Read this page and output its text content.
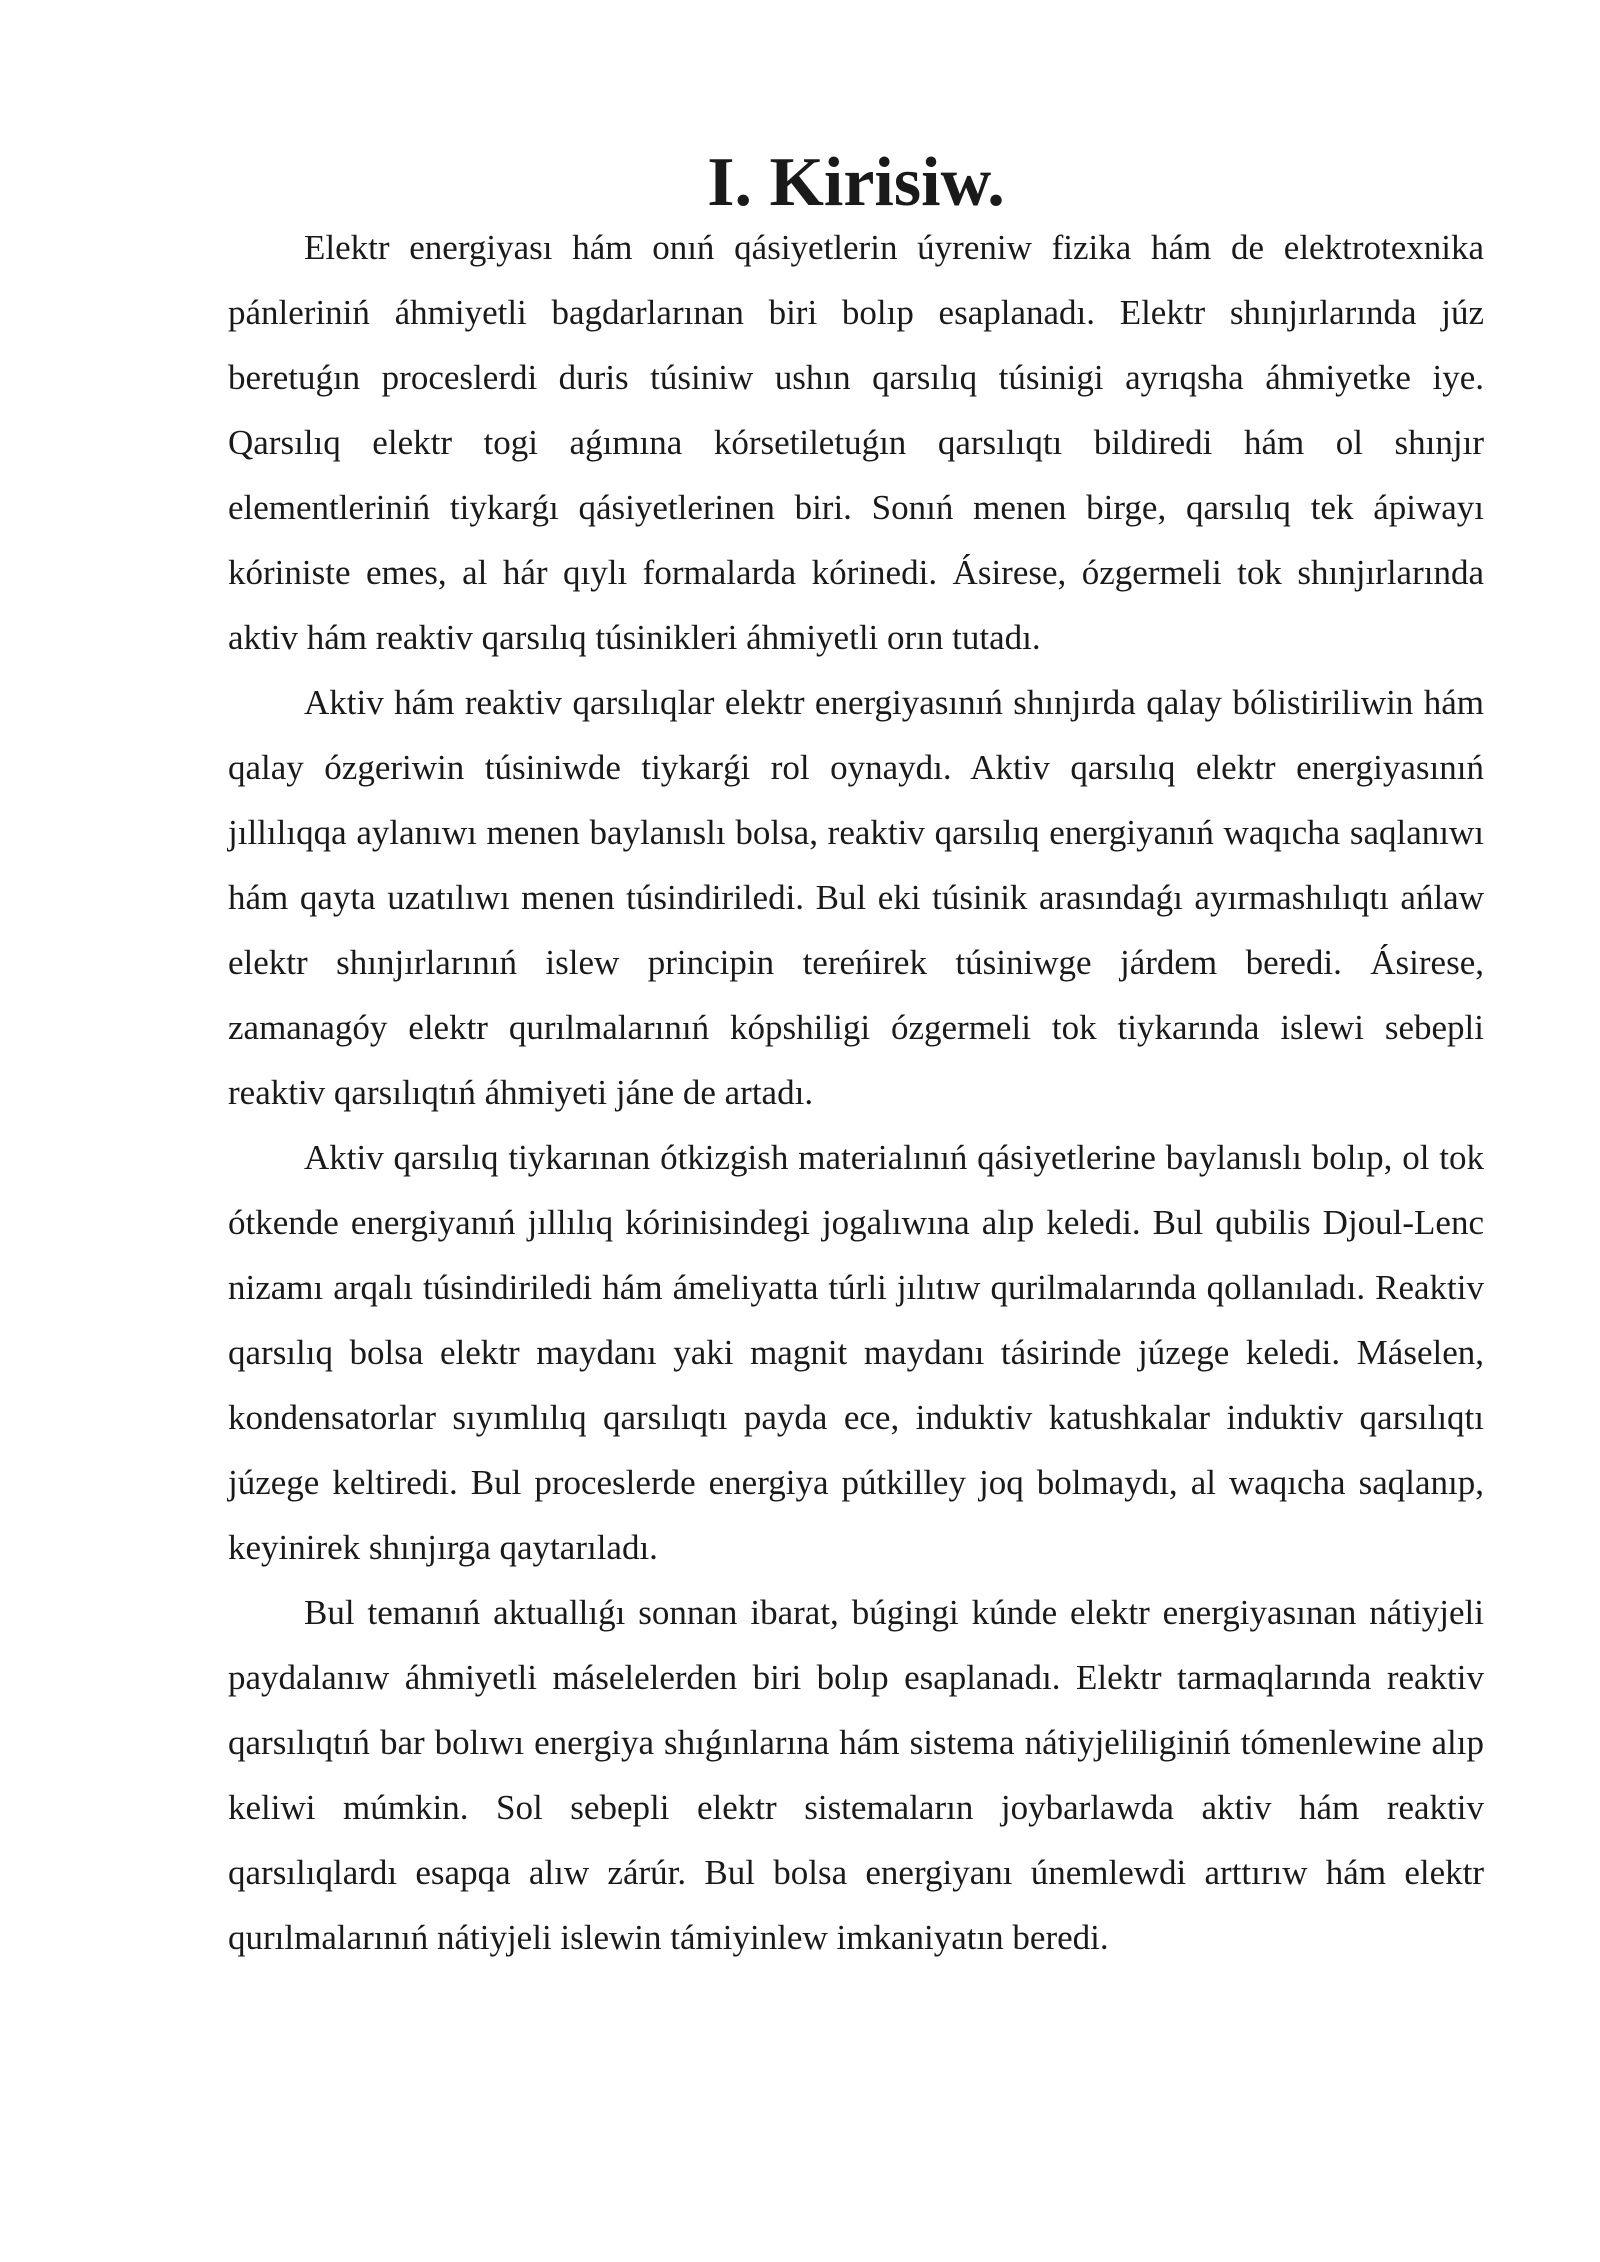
I. Kirisiw.

Elektr energiyası hám onıń qásiyetlerin úyreniw fizika hám de elektrotexnika pánleriniń áhmiyetli bagdarlarınan biri bolıp esaplanadı. Elektr shınjırlarında júz beretuǵın proceslerdi duris túsiniw ushın qarsılıq túsinigi ayrıqsha áhmiyetke iye. Qarsılıq elektr togi aǵımına kórsetiletuǵın qarsılıqtı bildiredi hám ol shınjır elementleriniń tiykarǵı qásiyetlerinen biri. Sonıń menen birge, qarsılıq tek ápiwayı kóriniste emes, al hár qıylı formalarda kórinedi. Ásirese, ózgermeli tok shınjırlarında aktiv hám reaktiv qarsılıq túsinikleri áhmiyetli orın tutadı.

Aktiv hám reaktiv qarsılıqlar elektr energiyasınıń shınjırda qalay bólistiriliwin hám qalay ózgeriwin túsiniwde tiykarǵi rol oynaydı. Aktiv qarsılıq elektr energiyasınıń jıllılıqqa aylanıwı menen baylanıslı bolsa, reaktiv qarsılıq energiyanıń waqıcha saqlanıwı hám qayta uzatılıwı menen túsindiriledi. Bul eki túsinik arasındaǵı ayırmashılıqtı ańlaw elektr shınjırlarınıń islew principin tereńirek túsiniwge járdem beredi. Ásirese, zamanagóy elektr qurılmalarınıń kópshiligi ózgermeli tok tiykarında islewi sebepli reaktiv qarsılıqtıń áhmiyeti jáne de artadı.

Aktiv qarsılıq tiykarınan ótkizgish materialınıń qásiyetlerine baylanıslı bolıp, ol tok ótkende energiyanıń jıllılıq kórinisindegi jogalıwına alıp keledi. Bul qubilis Djoul-Lenc nizamı arqalı túsindiriledi hám ámeliyatta túrli jılıtıw qurilmalarında qollanıladı. Reaktiv qarsılıq bolsa elektr maydanı yaki magnit maydanı tásirinde júzege keledi. Máselen, kondensatorlar sıyımlılıq qarsılıqtı payda ece, induktiv katushkalar induktiv qarsılıqtı júzege keltiredi. Bul proceslerde energiya pútkilley joq bolmaydı, al waqıcha saqlanıp, keyinirek shınjırga qaytarıladı.

Bul temanıń aktuallıǵı sonnan ibarat, búgingi kúnde elektr energiyasınan nátiyjeli paydalanıw áhmiyetli máselelerden biri bolıp esaplanadı. Elektr tarmaqlarında reaktiv qarsılıqtıń bar bolıwı energiya shıǵınlarına hám sistema nátiyjeliliginiń tómenlewine alıp keliwi múmkin. Sol sebepli elektr sistemaların joybarlawda aktiv hám reaktiv qarsılıqlardı esapqa alıw zárúr. Bul bolsa energiyanı únemlewdi arttırıw hám elektr qurılmalarınıń nátiyjeli islewin támiyinlew imkaniyatın beredi.
